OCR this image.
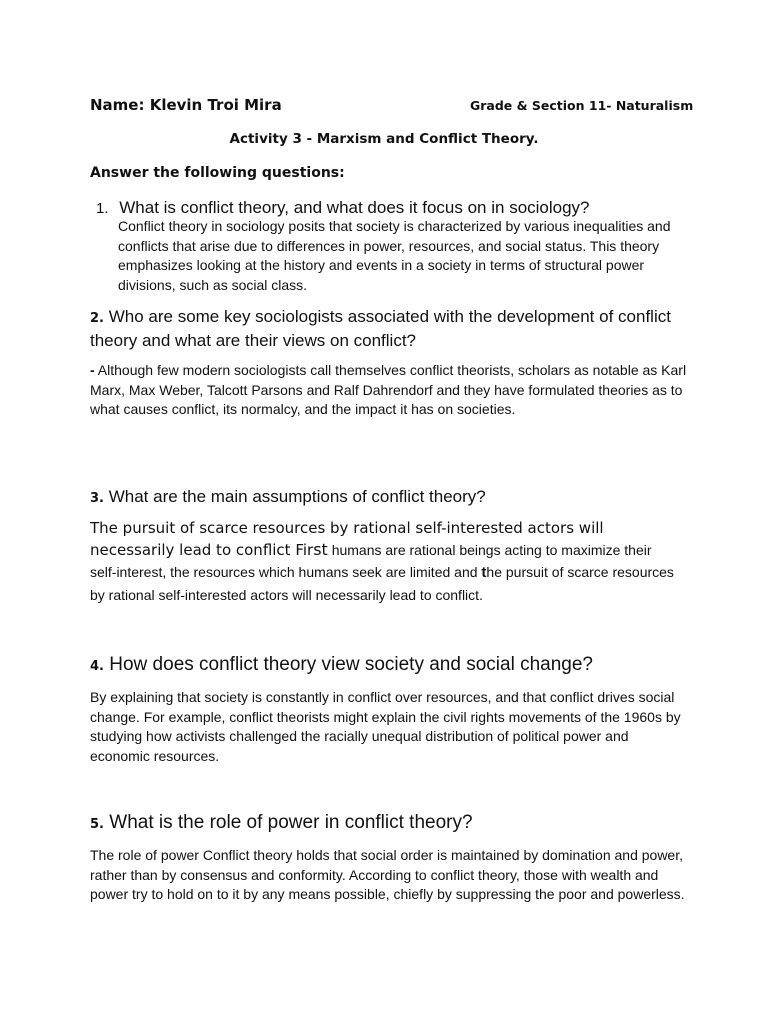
Name: Klevin Troi Mira	Grade & Section 11- Naturalism
Activity 3 - Marxism and Conflict Theory.
Answer the following questions:
1. What is conflict theory, and what does it focus on in sociology?
Conflict theory in sociology posits that society is characterized by various inequalities and conflicts that arise due to differences in power, resources, and social status. This theory emphasizes looking at the history and events in a society in terms of structural power divisions, such as social class.
2. Who are some key sociologists associated with the development of conflict theory and what are their views on conflict?
- Although few modern sociologists call themselves conflict theorists, scholars as notable as Karl Marx, Max Weber, Talcott Parsons and Ralf Dahrendorf and they have formulated theories as to what causes conflict, its normalcy, and the impact it has on societies.
3. What are the main assumptions of conflict theory?
The pursuit of scarce resources by rational self-interested actors will necessarily lead to conflict First humans are rational beings acting to maximize their self-interest, the resources which humans seek are limited and the pursuit of scarce resources by rational self-interested actors will necessarily lead to conflict.
4. How does conflict theory view society and social change?
By explaining that society is constantly in conflict over resources, and that conflict drives social change. For example, conflict theorists might explain the civil rights movements of the 1960s by studying how activists challenged the racially unequal distribution of political power and economic resources.
5. What is the role of power in conflict theory?
The role of power Conflict theory holds that social order is maintained by domination and power, rather than by consensus and conformity. According to conflict theory, those with wealth and power try to hold on to it by any means possible, chiefly by suppressing the poor and powerless.
